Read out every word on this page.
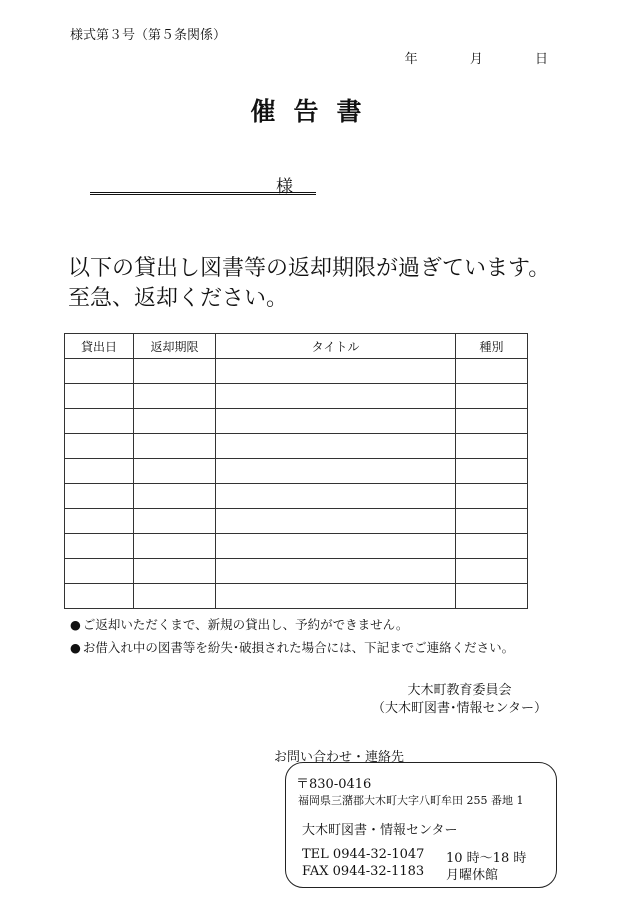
様式第３号（第５条関係）
年	月	日
催告書
様
以下の貸出し図書等の返却期限が過ぎています。
至急、返却ください。
貸出日	返却期限	タイトル	種別

● ご返却いただくまで、新規の貸出し、予約ができません。
● お借入れ中の図書等を紛失･破損された場合には、下記までご連絡ください。
大木町教育委員会
（大木町図書･情報センター）
お問い合わせ・連絡先
〒830-0416
福岡県三潴郡大木町大字八町牟田 255 番地 1
大木町図書・情報センター
TEL 0944-32-1047
FAX 0944-32-1183
10 時～18 時
月曜休館
